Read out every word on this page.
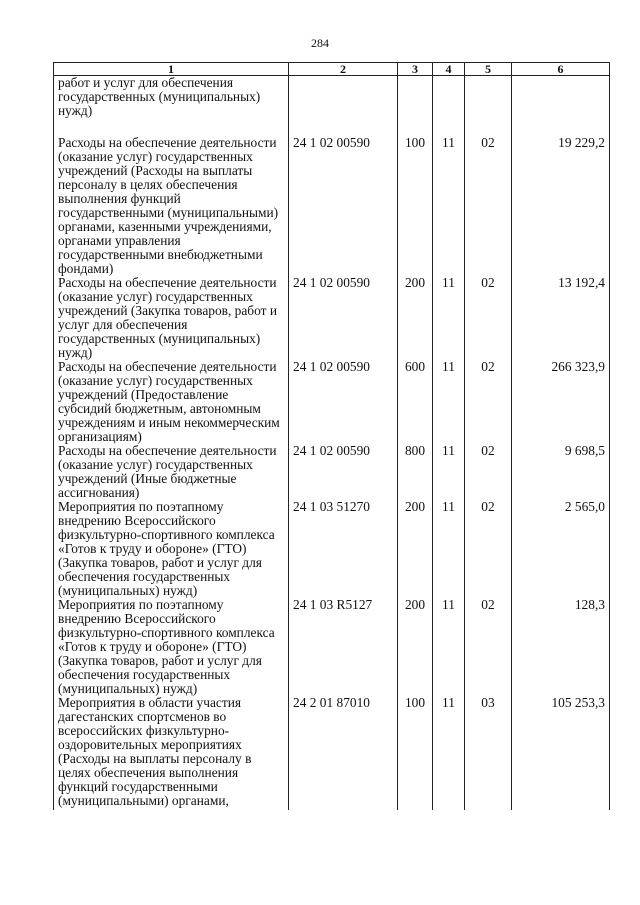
284
1	2	3	4	5	6
работ и услуг для обеспечения государственных (муниципальных) нужд)					
Расходы на обеспечение деятельности (оказание услуг) государственных учреждений (Расходы на выплаты персоналу в целях обеспечения выполнения функций государственными (муниципальными) органами, казенными учреждениями, органами управления государственными внебюджетными фондами)	24 1 02 00590	100	11	02	19 229,2
Расходы на обеспечение деятельности (оказание услуг) государственных учреждений (Закупка товаров, работ и услуг для обеспечения государственных (муниципальных) нужд)	24 1 02 00590	200	11	02	13 192,4
Расходы на обеспечение деятельности (оказание услуг) государственных учреждений (Предоставление субсидий бюджетным, автономным учреждениям и иным некоммерческим организациям)	24 1 02 00590	600	11	02	266 323,9
Расходы на обеспечение деятельности (оказание услуг) государственных учреждений (Иные бюджетные ассигнования)	24 1 02 00590	800	11	02	9 698,5
Мероприятия по поэтапному внедрению Всероссийского физкультурно-спортивного комплекса «Готов к труду и обороне» (ГТО) (Закупка товаров, работ и услуг для обеспечения государственных (муниципальных) нужд)	24 1 03 51270	200	11	02	2 565,0
Мероприятия по поэтапному внедрению Всероссийского физкультурно-спортивного комплекса «Готов к труду и обороне» (ГТО) (Закупка товаров, работ и услуг для обеспечения государственных (муниципальных) нужд)	24 1 03 R5127	200	11	02	128,3
Мероприятия в области участия дагестанских спортсменов во всероссийских физкультурно-оздоровительных мероприятиях (Расходы на выплаты персоналу в целях обеспечения выполнения функций государственными (муниципальными) органами,	24 2 01 87010	100	11	03	105 253,3
